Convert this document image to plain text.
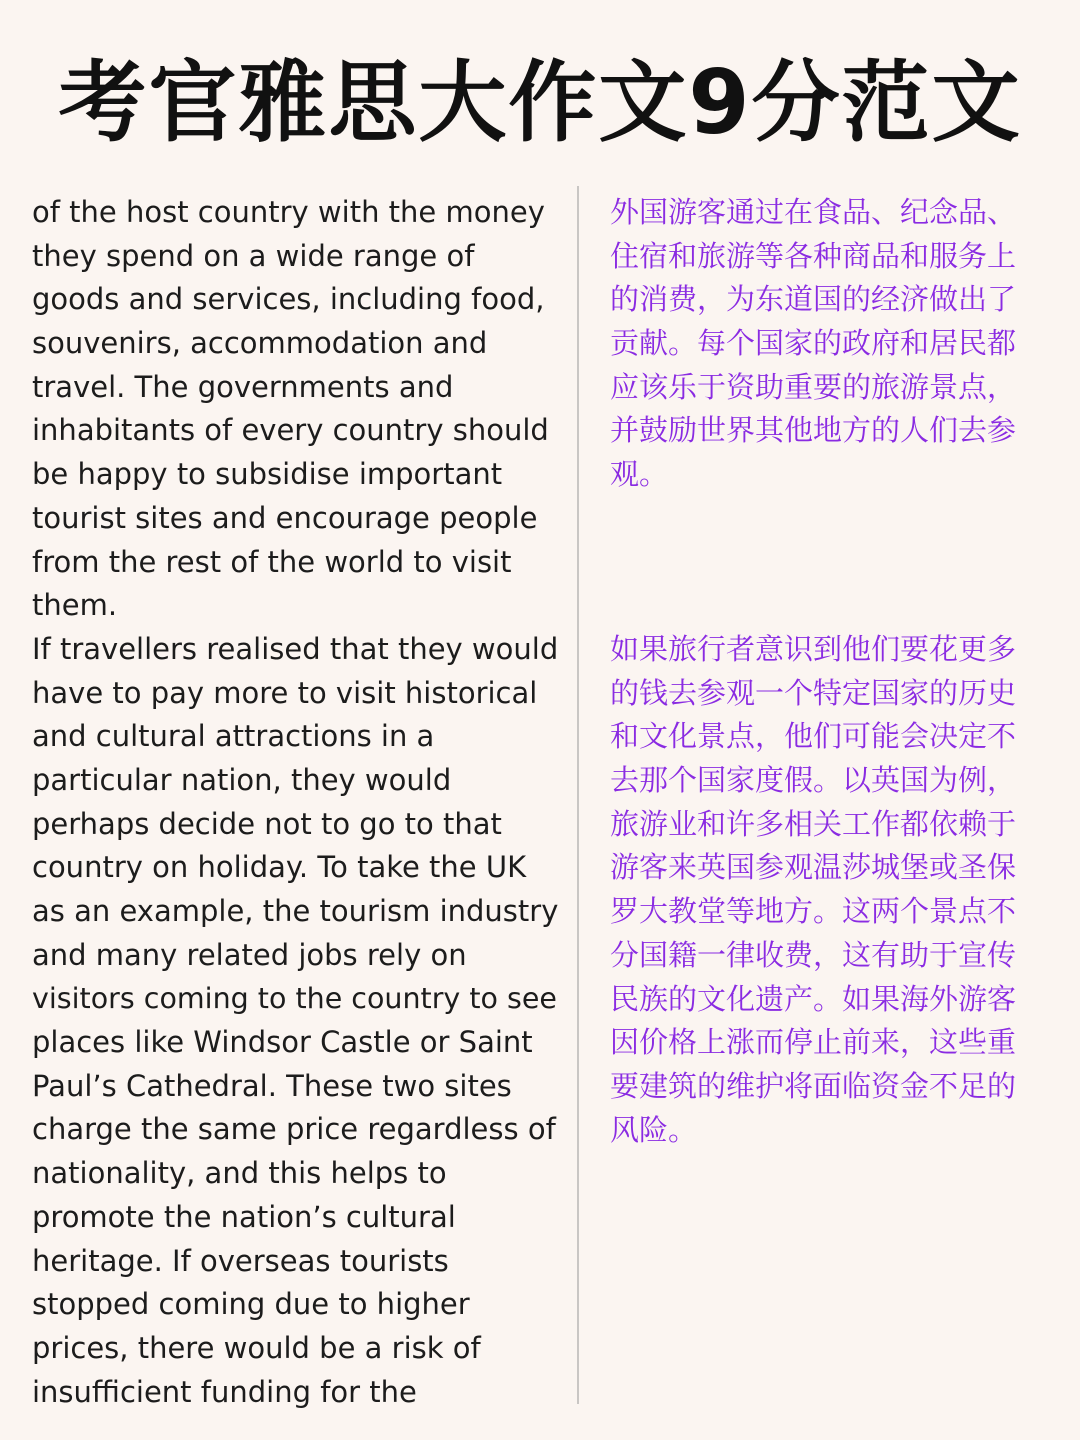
考官雅思大作文9分范文
of the host country with the money
they spend on a wide range of
goods and services, including food,
souvenirs, accommodation and
travel. The governments and
inhabitants of every country should
be happy to subsidise important
tourist sites and encourage people
from the rest of the world to visit
them.
If travellers realised that they would
have to pay more to visit historical
and cultural attractions in a
particular nation, they would
perhaps decide not to go to that
country on holiday. To take the UK
as an example, the tourism industry
and many related jobs rely on
visitors coming to the country to see
places like Windsor Castle or Saint
Paul’s Cathedral. These two sites
charge the same price regardless of
nationality, and this helps to
promote the nation’s cultural
heritage. If overseas tourists
stopped coming due to higher
prices, there would be a risk of
insufficient funding for the
外国游客通过在食品、纪念品、
住宿和旅游等各种商品和服务上
的消费，为东道国的经济做出了
贡献。每个国家的政府和居民都
应该乐于资助重要的旅游景点，
并鼓励世界其他地方的人们去参
观。
如果旅行者意识到他们要花更多
的钱去参观一个特定国家的历史
和文化景点，他们可能会决定不
去那个国家度假。以英国为例，
旅游业和许多相关工作都依赖于
游客来英国参观温莎城堡或圣保
罗大教堂等地方。这两个景点不
分国籍一律收费，这有助于宣传
民族的文化遗产。如果海外游客
因价格上涨而停止前来，这些重
要建筑的维护将面临资金不足的
风险。
